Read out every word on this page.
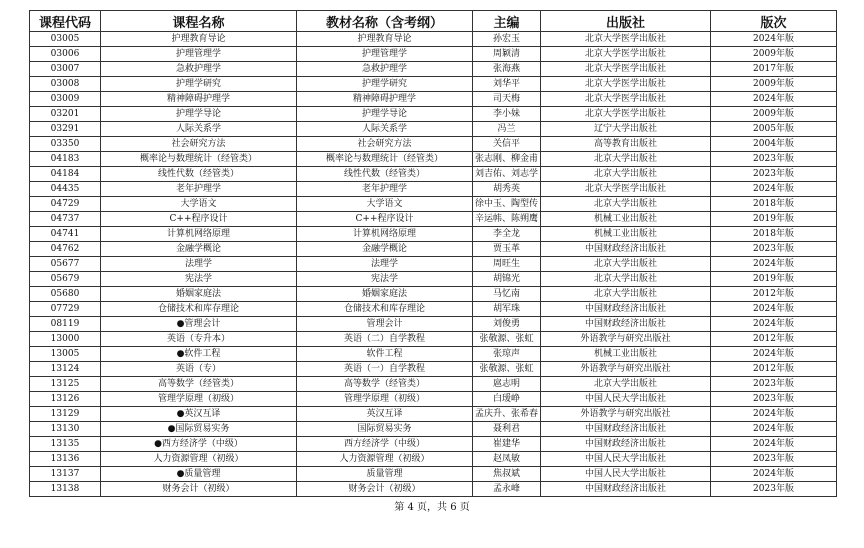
课程代码	课程名称	教材名称（含考纲）	主编	出版社	版次
03005	护理教育导论	护理教育导论	孙宏玉	北京大学医学出版社	2024年版
03006	护理管理学	护理管理学	周颖清	北京大学医学出版社	2009年版
03007	急救护理学	急救护理学	张海燕	北京大学医学出版社	2017年版
03008	护理学研究	护理学研究	刘华平	北京大学医学出版社	2009年版
03009	精神障碍护理学	精神障碍护理学	司天梅	北京大学医学出版社	2024年版
03201	护理学导论	护理学导论	李小妹	北京大学医学出版社	2009年版
03291	人际关系学	人际关系学	冯兰	辽宁大学出版社	2005年版
03350	社会研究方法	社会研究方法	关信平	高等教育出版社	2004年版
04183	概率论与数理统计（经管类）	概率论与数理统计（经管类）	张志刚、柳金甫	北京大学出版社	2023年版
04184	线性代数（经管类）	线性代数（经管类）	刘吉佑、刘志学	北京大学出版社	2023年版
04435	老年护理学	老年护理学	胡秀英	北京大学医学出版社	2024年版
04729	大学语文	大学语文	徐中玉、陶型传	北京大学出版社	2018年版
04737	C++程序设计	C++程序设计	辛运帏、陈朔鹰	机械工业出版社	2019年版
04741	计算机网络原理	计算机网络原理	李全龙	机械工业出版社	2018年版
04762	金融学概论	金融学概论	贾玉革	中国财政经济出版社	2023年版
05677	法理学	法理学	周旺生	北京大学出版社	2024年版
05679	宪法学	宪法学	胡锦光	北京大学出版社	2019年版
05680	婚姻家庭法	婚姻家庭法	马忆南	北京大学出版社	2012年版
07729	仓储技术和库存理论	仓储技术和库存理论	胡军珠	中国财政经济出版社	2024年版
08119	●管理会计	管理会计	刘俊勇	中国财政经济出版社	2024年版
13000	英语（专升本）	英语（二）自学教程	张敬源、张虹	外语教学与研究出版社	2012年版
13005	●软件工程	软件工程	张琼声	机械工业出版社	2024年版
13124	英语（专）	英语（一）自学教程	张敬源、张虹	外语教学与研究出版社	2012年版
13125	高等数学（经管类）	高等数学（经管类）	扈志明	北京大学出版社	2023年版
13126	管理学原理（初级）	管理学原理（初级）	白瑷峥	中国人民大学出版社	2023年版
13129	●英汉互译	英汉互译	孟庆升、张希春	外语教学与研究出版社	2024年版
13130	●国际贸易实务	国际贸易实务	聂利君	中国财政经济出版社	2024年版
13135	●西方经济学（中级）	西方经济学（中级）	崔建华	中国财政经济出版社	2024年版
13136	人力资源管理（初级）	人力资源管理（初级）	赵凤敏	中国人民大学出版社	2023年版
13137	●质量管理	质量管理	焦叔斌	中国人民大学出版社	2024年版
13138	财务会计（初级）	财务会计（初级）	孟永峰	中国财政经济出版社	2023年版
第 4 页，共 6 页
